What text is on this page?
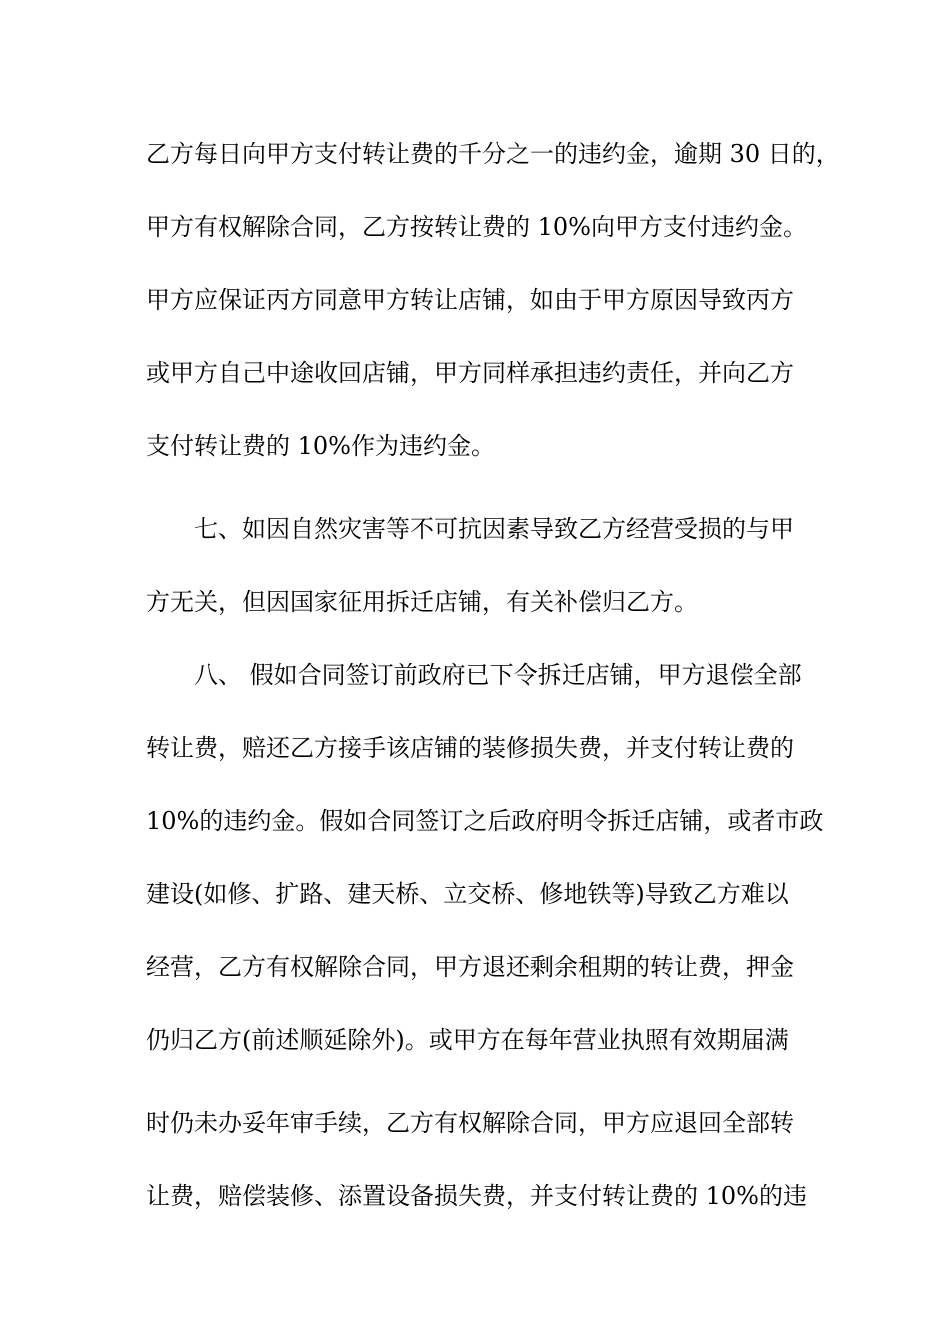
乙方每日向甲方支付转让费的千分之一的违约金，逾期 30 日的，
甲方有权解除合同，乙方按转让费的 10%向甲方支付违约金。
甲方应保证丙方同意甲方转让店铺，如由于甲方原因导致丙方
或甲方自己中途收回店铺，甲方同样承担违约责任，并向乙方
支付转让费的 10%作为违约金。
七、如因自然灾害等不可抗因素导致乙方经营受损的与甲
方无关，但因国家征用拆迁店铺，有关补偿归乙方。
八、 假如合同签订前政府已下令拆迁店铺，甲方退偿全部
转让费，赔还乙方接手该店铺的装修损失费，并支付转让费的
10%的违约金。假如合同签订之后政府明令拆迁店铺，或者市政
建设(如修、扩路、建天桥、立交桥、修地铁等)导致乙方难以
经营，乙方有权解除合同，甲方退还剩余租期的转让费，押金
仍归乙方(前述顺延除外)。或甲方在每年营业执照有效期届满
时仍未办妥年审手续，乙方有权解除合同，甲方应退回全部转
让费，赔偿装修、添置设备损失费，并支付转让费的 10%的违
